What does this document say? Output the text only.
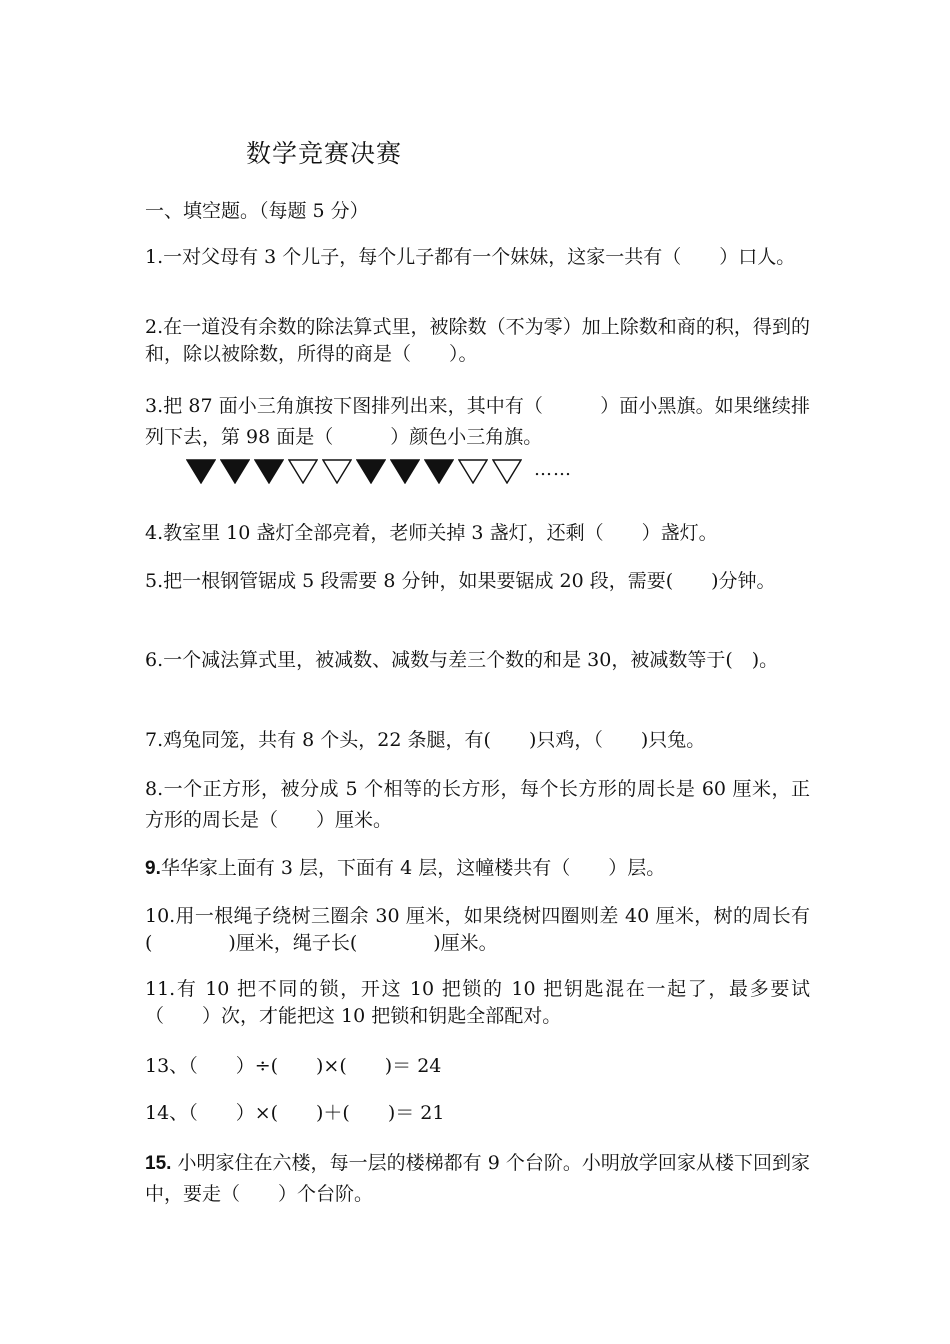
数学竞赛决赛
一、填空题。（每题 5 分）
1.一对父母有 3 个儿子，每个儿子都有一个妹妹，这家一共有（　　）口人。
2.在一道没有余数的除法算式里，被除数（不为零）加上除数和商的积，得到的和，除以被除数，所得的商是（　　）。
3.把 87 面小三角旗按下图排列出来，其中有（　　　）面小黑旗。如果继续排列下去，第 98 面是（　　　）颜色小三角旗。
……
4.教室里 10 盏灯全部亮着，老师关掉 3 盏灯，还剩（　　）盏灯。
5.把一根钢管锯成 5 段需要 8 分钟，如果要锯成 20 段，需要(　　)分钟。
6.一个减法算式里，被减数、减数与差三个数的和是 30，被减数等于(　)。
7.鸡兔同笼，共有 8 个头，22 条腿，有(　　)只鸡，（　　)只兔。
8.一个正方形，被分成 5 个相等的长方形，每个长方形的周长是 60 厘米，正方形的周长是（　　）厘米。
9.华华家上面有 3 层，下面有 4 层，这幢楼共有（　　）层。
10.用一根绳子绕树三圈余 30 厘米，如果绕树四圈则差 40 厘米，树的周长有(　　　　)厘米，绳子长(　　　　)厘米。
11.有 10 把不同的锁，开这 10 把锁的 10 把钥匙混在一起了，最多要试（　　）次，才能把这 10 把锁和钥匙全部配对。
13、（　　）÷(　　)×(　　)＝ 24
14、（　　）×(　　)＋(　　)＝ 21
15. 小明家住在六楼，每一层的楼梯都有 9 个台阶。小明放学回家从楼下回到家中，要走（　　）个台阶。
